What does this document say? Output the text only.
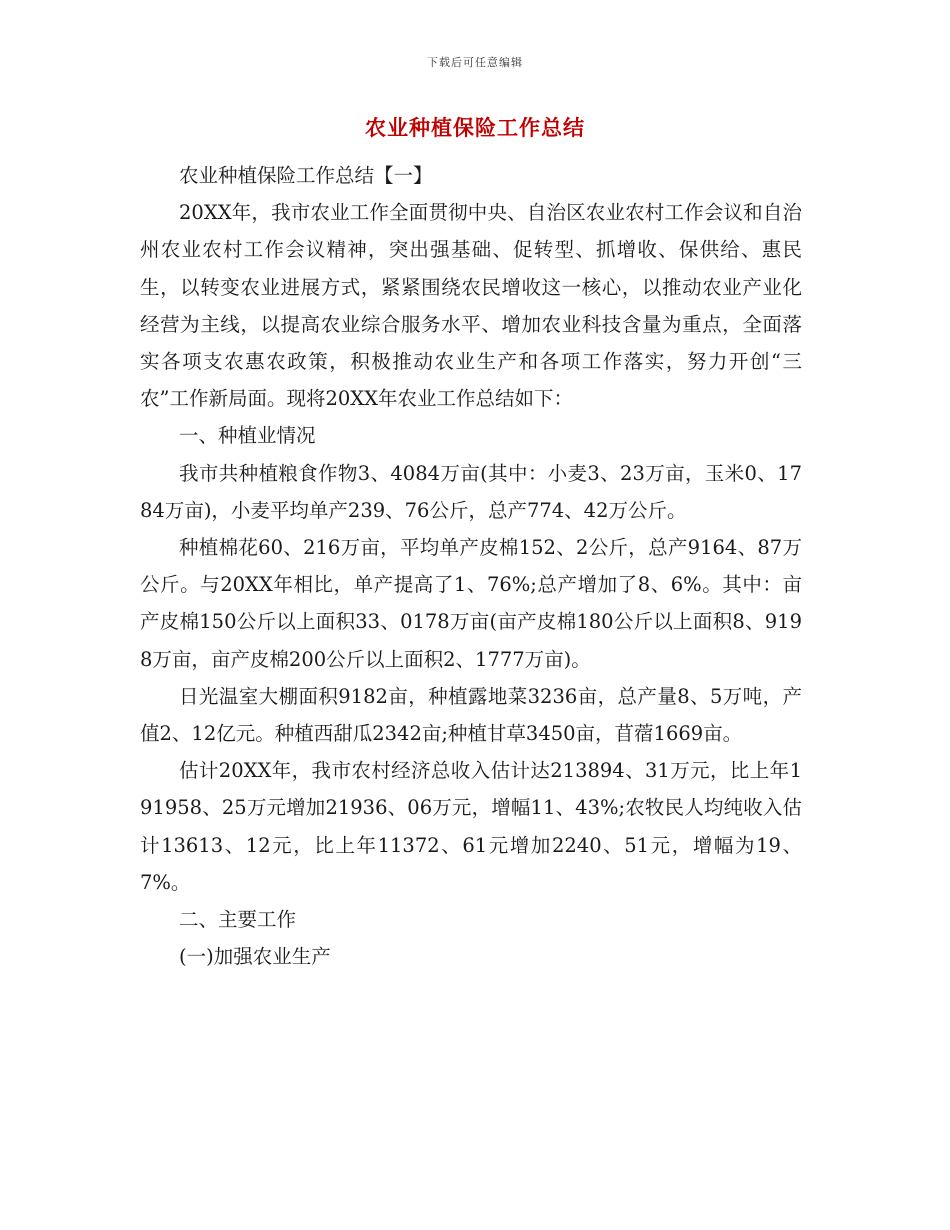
下载后可任意编辑
农业种植保险工作总结

农业种植保险工作总结【一】

20XX年，我市农业工作全面贯彻中央、自治区农业农村工作会议和自治州农业农村工作会议精神，突出强基础、促转型、抓增收、保供给、惠民生，以转变农业进展方式，紧紧围绕农民增收这一核心，以推动农业产业化经营为主线，以提高农业综合服务水平、增加农业科技含量为重点，全面落实各项支农惠农政策，积极推动农业生产和各项工作落实，努力开创“三农”工作新局面。现将20XX年农业工作总结如下：

一、种植业情况

我市共种植粮食作物3、4084万亩(其中：小麦3、23万亩，玉米0、1784万亩)，小麦平均单产239、76公斤，总产774、42万公斤。

种植棉花60、216万亩，平均单产皮棉152、2公斤，总产9164、87万公斤。与20XX年相比，单产提高了1、76%;总产增加了8、6%。其中：亩产皮棉150公斤以上面积33、0178万亩(亩产皮棉180公斤以上面积8、9198万亩，亩产皮棉200公斤以上面积2、1777万亩)。

日光温室大棚面积9182亩，种植露地菜3236亩，总产量8、5万吨，产值2、12亿元。种植西甜瓜2342亩;种植甘草3450亩，苜蓿1669亩。

估计20XX年，我市农村经济总收入估计达213894、31万元，比上年191958、25万元增加21936、06万元，增幅11、43%;农牧民人均纯收入估计13613、12元，比上年11372、61元增加2240、51元，增幅为19、7%。

二、主要工作

(一)加强农业生产
